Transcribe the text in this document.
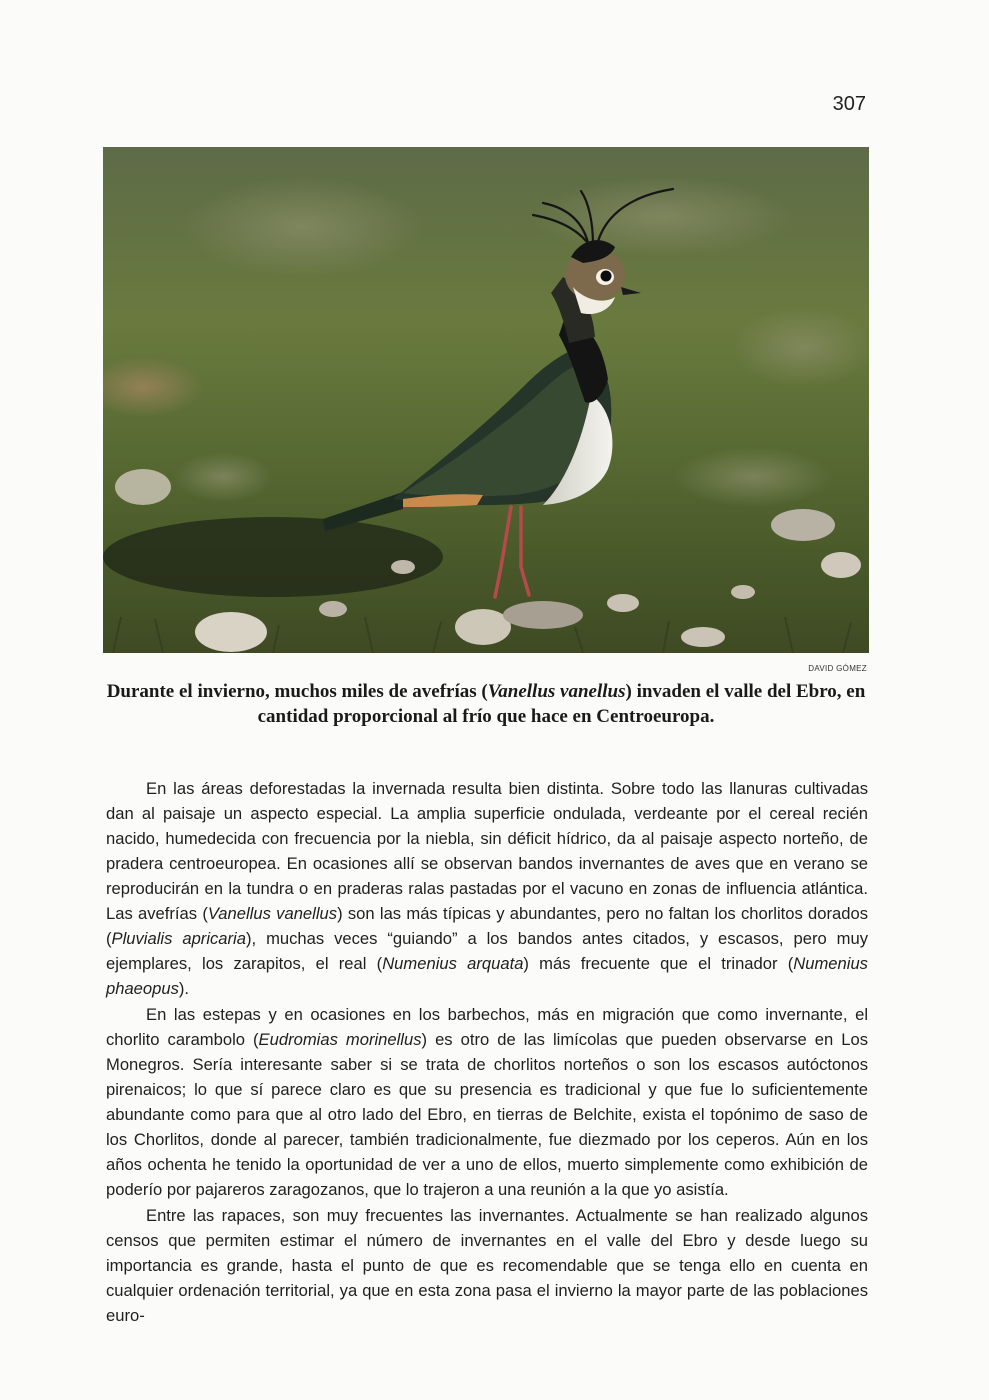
307
DAVID GÓMEZ
Durante el invierno, muchos miles de avefrías (Vanellus vanellus) invaden el valle del Ebro, en cantidad proporcional al frío que hace en Centroeuropa.

En las áreas deforestadas la invernada resulta bien distinta. Sobre todo las llanuras cultivadas dan al paisaje un aspecto especial. La amplia superficie ondulada, verdeante por el cereal recién nacido, humedecida con frecuencia por la niebla, sin déficit hídrico, da al paisaje aspecto norteño, de pradera centroeuropea. En ocasiones allí se observan bandos invernantes de aves que en verano se reproducirán en la tundra o en praderas ralas pastadas por el vacuno en zonas de influencia atlántica. Las avefrías (Vanellus vanellus) son las más típicas y abundantes, pero no faltan los chorlitos dorados (Pluvialis apricaria), muchas veces “guiando” a los bandos antes citados, y escasos, pero muy ejemplares, los zarapitos, el real (Numenius arquata) más frecuente que el trinador (Numenius phaeopus).

En las estepas y en ocasiones en los barbechos, más en migración que como invernante, el chorlito carambolo (Eudromias morinellus) es otro de las limícolas que pueden observarse en Los Monegros. Sería interesante saber si se trata de chorlitos norteños o son los escasos autóctonos pirenaicos; lo que sí parece claro es que su presencia es tradicional y que fue lo suficientemente abundante como para que al otro lado del Ebro, en tierras de Belchite, exista el topónimo de saso de los Chorlitos, donde al parecer, también tradicionalmente, fue diezmado por los ceperos. Aún en los años ochenta he tenido la oportunidad de ver a uno de ellos, muerto simplemente como exhibición de poderío por pajareros zaragozanos, que lo trajeron a una reunión a la que yo asistía.

Entre las rapaces, son muy frecuentes las invernantes. Actualmente se han realizado algunos censos que permiten estimar el número de invernantes en el valle del Ebro y desde luego su importancia es grande, hasta el punto de que es recomendable que se tenga ello en cuenta en cualquier ordenación territorial, ya que en esta zona pasa el invierno la mayor parte de las poblaciones euro-
